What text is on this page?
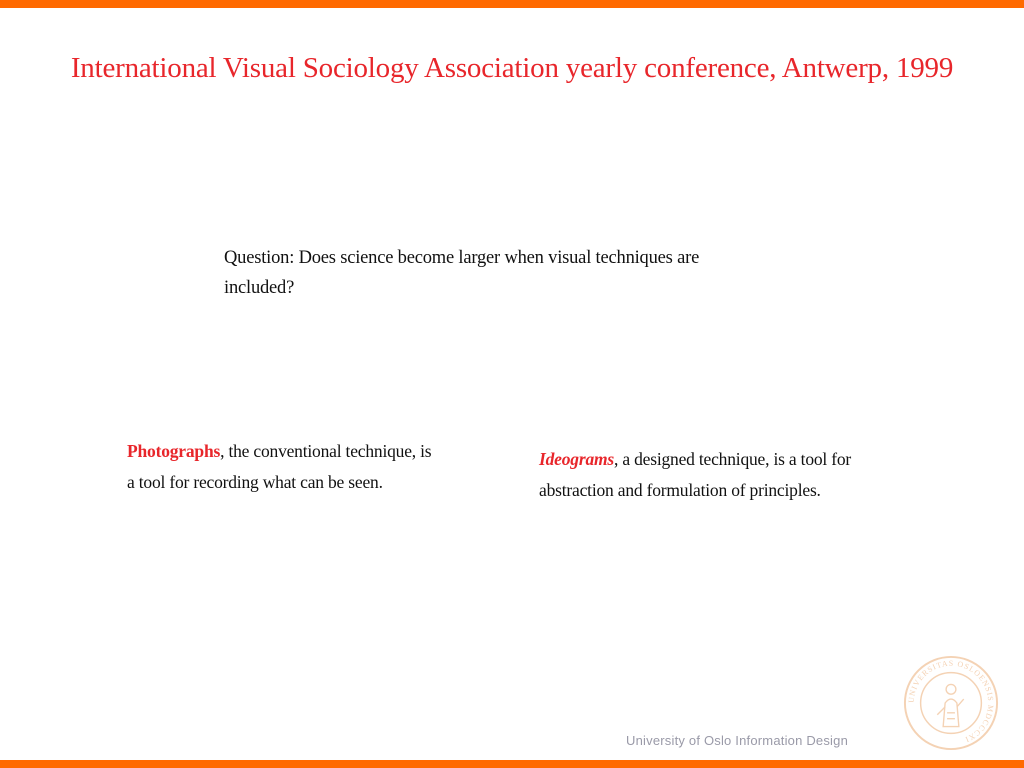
International Visual Sociology Association yearly conference, Antwerp, 1999

Question: Does science become larger when visual techniques are included?

Photographs, the conventional technique, is a tool for recording what can be seen.

Ideograms, a designed technique, is a tool for abstraction and formulation of principles.

University of Oslo Information Design

UNIVERSITAS OSLOENSIS MDCCCXI
